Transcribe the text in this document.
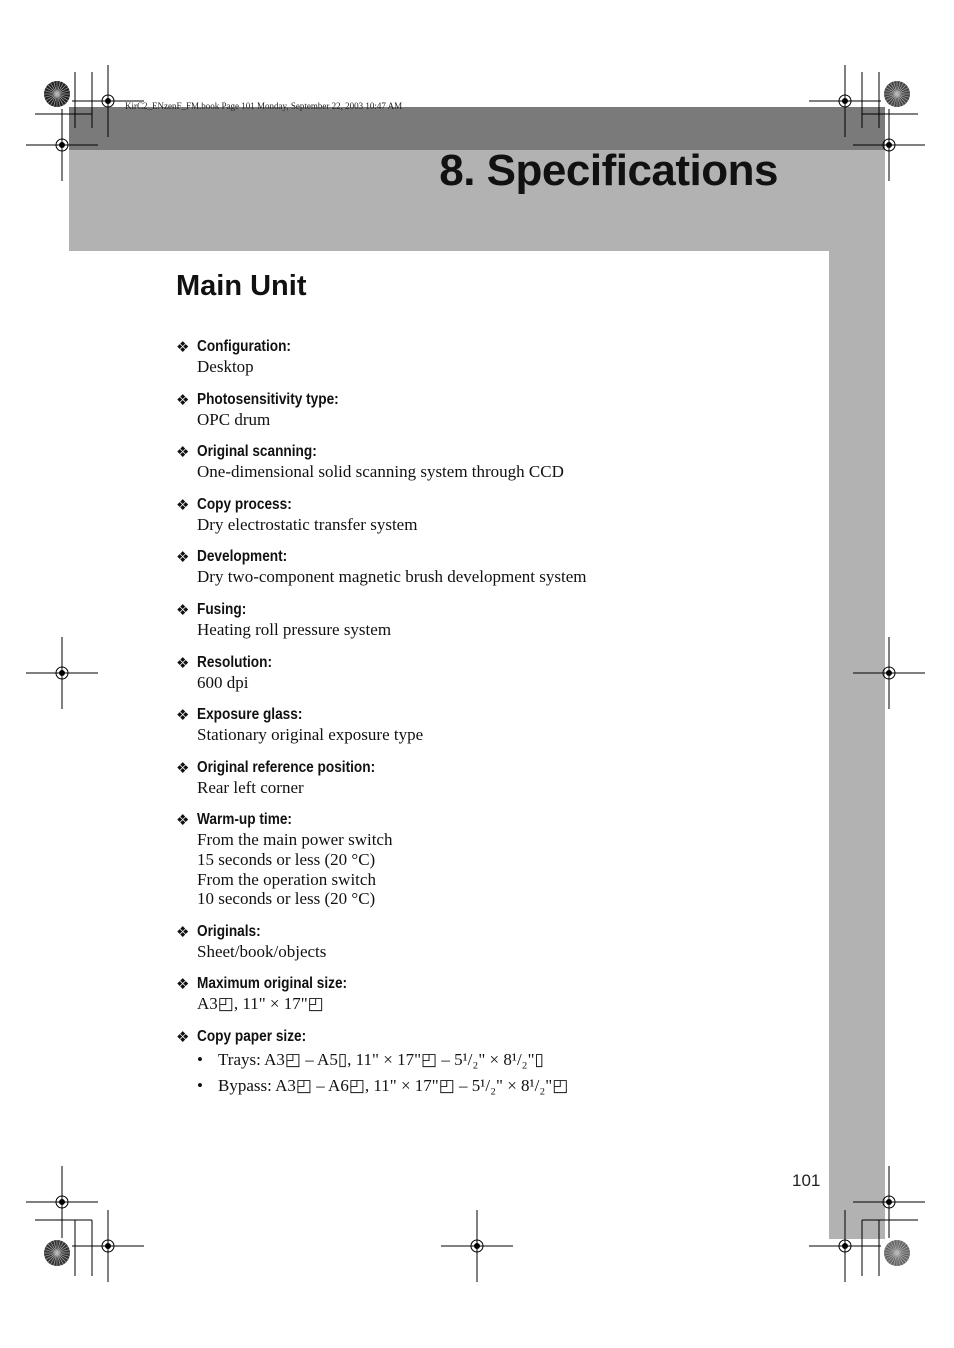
KirC2_ENzenF_FM.book Page 101 Monday, September 22, 2003 10:47 AM
8. Specifications
Main Unit
❖ Configuration:
Desktop
❖ Photosensitivity type:
OPC drum
❖ Original scanning:
One-dimensional solid scanning system through CCD
❖ Copy process:
Dry electrostatic transfer system
❖ Development:
Dry two-component magnetic brush development system
❖ Fusing:
Heating roll pressure system
❖ Resolution:
600 dpi
❖ Exposure glass:
Stationary original exposure type
❖ Original reference position:
Rear left corner
❖ Warm-up time:
From the main power switch
15 seconds or less (20 °C)
From the operation switch
10 seconds or less (20 °C)
❖ Originals:
Sheet/book/objects
❖ Maximum original size:
A3◰, 11" × 17"◰
❖ Copy paper size:
• Trays: A3◰ – A5▯, 11" × 17"◰ – 5¹/₂" × 8¹/₂"▯
• Bypass: A3◰ – A6◰, 11" × 17"◰ – 5¹/₂" × 8¹/₂"◰
101
